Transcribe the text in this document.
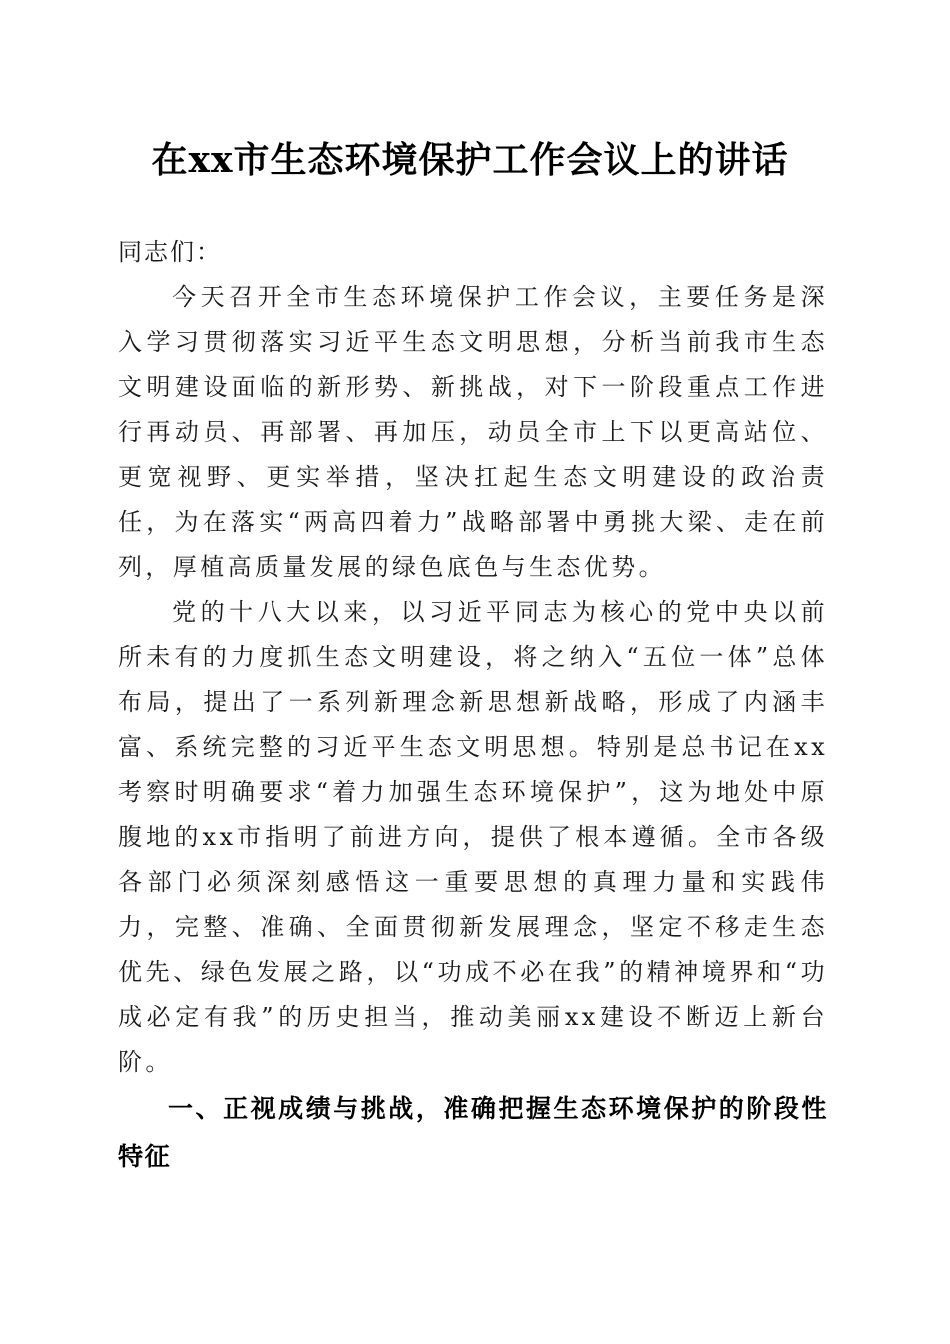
在xx市生态环境保护工作会议上的讲话

同志们：

今天召开全市生态环境保护工作会议，主要任务是深入学习贯彻落实习近平生态文明思想，分析当前我市生态文明建设面临的新形势、新挑战，对下一阶段重点工作进行再动员、再部署、再加压，动员全市上下以更高站位、更宽视野、更实举措，坚决扛起生态文明建设的政治责任，为在落实“两高四着力”战略部署中勇挑大梁、走在前列，厚植高质量发展的绿色底色与生态优势。

党的十八大以来，以习近平同志为核心的党中央以前所未有的力度抓生态文明建设，将之纳入“五位一体”总体布局，提出了一系列新理念新思想新战略，形成了内涵丰富、系统完整的习近平生态文明思想。特别是总书记在xx考察时明确要求“着力加强生态环境保护”，这为地处中原腹地的xx市指明了前进方向，提供了根本遵循。全市各级各部门必须深刻感悟这一重要思想的真理力量和实践伟力，完整、准确、全面贯彻新发展理念，坚定不移走生态优先、绿色发展之路，以“功成不必在我”的精神境界和“功成必定有我”的历史担当，推动美丽xx建设不断迈上新台阶。

一、正视成绩与挑战，准确把握生态环境保护的阶段性特征
